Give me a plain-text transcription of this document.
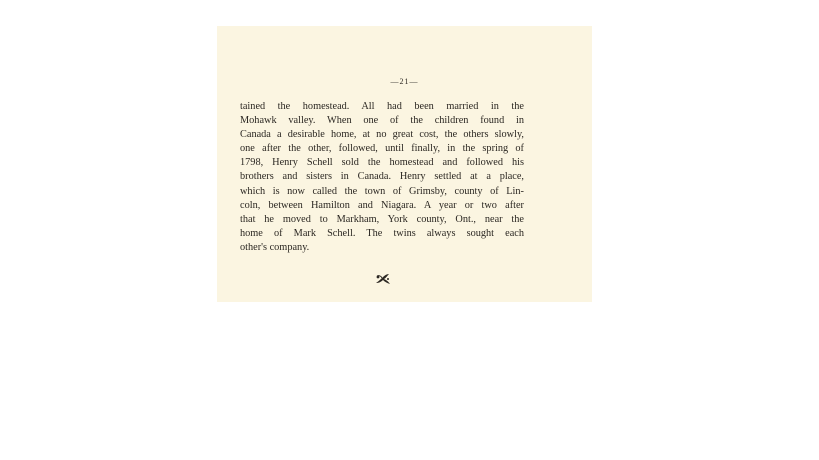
—21—
tained the homestead. All had been married in the
Mohawk valley. When one of the children found in
Canada a desirable home, at no great cost, the others slowly,
one after the other, followed, until finally, in the spring of
1798, Henry Schell sold the homestead and followed his
brothers and sisters in Canada. Henry settled at a place,
which is now called the town of Grimsby, county of Lin-
coln, between Hamilton and Niagara. A year or two after
that he moved to Markham, York county, Ont., near the
home of Mark Schell. The twins always sought each
other's company.
